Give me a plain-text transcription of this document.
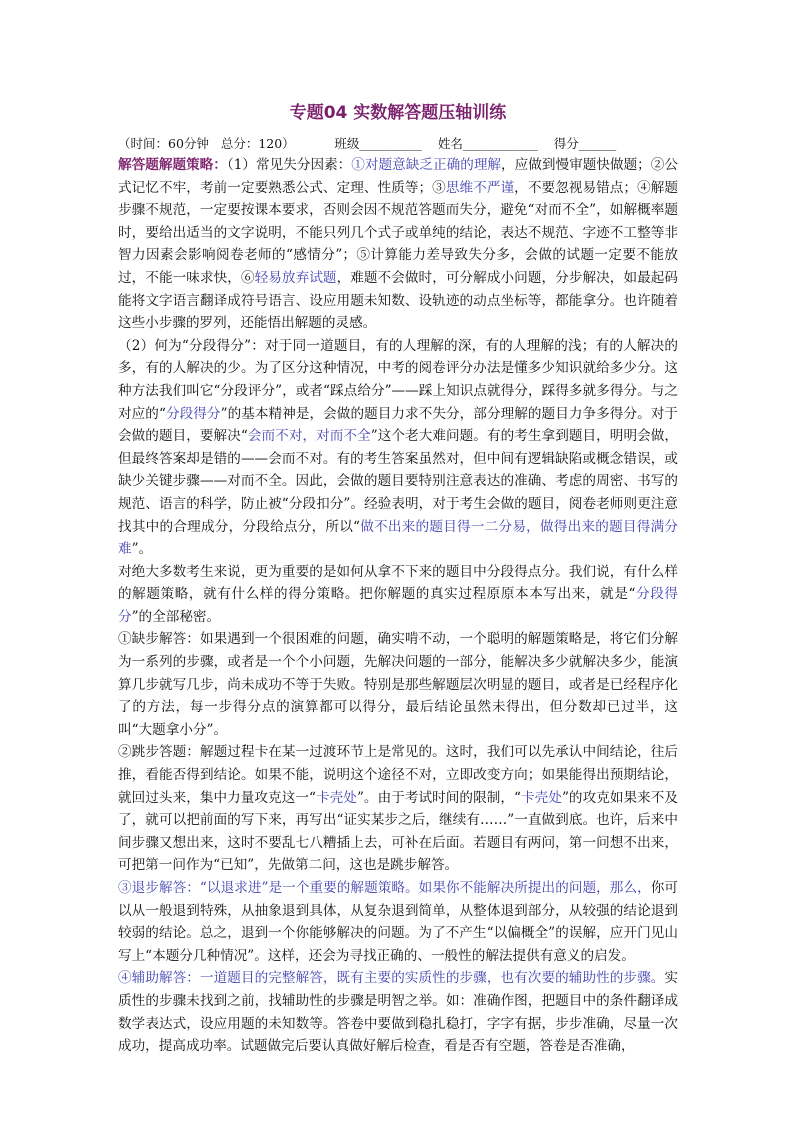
专题04 实数解答题压轴训练
（时间：60分钟   总分：120）          班级__________    姓名____________    得分______

解答题解题策略：（1）常见失分因素：①对题意缺乏正确的理解，应做到慢审题快做题；②公式记忆不牢，考前一定要熟悉公式、定理、性质等；③思维不严谨，不要忽视易错点；④解题步骤不规范，一定要按课本要求，否则会因不规范答题而失分，避免“对而不全”，如解概率题时，要给出适当的文字说明，不能只列几个式子或单纯的结论，表达不规范、字迹不工整等非智力因素会影响阅卷老师的“感情分”；⑤计算能力差导致失分多，会做的试题一定要不能放过，不能一味求快，⑥轻易放弃试题，难题不会做时，可分解成小问题，分步解决，如最起码能将文字语言翻译成符号语言、设应用题未知数、设轨迹的动点坐标等，都能拿分。也许随着这些小步骤的罗列，还能悟出解题的灵感。

（2）何为“分段得分”：对于同一道题目，有的人理解的深，有的人理解的浅；有的人解决的多，有的人解决的少。为了区分这种情况，中考的阅卷评分办法是懂多少知识就给多少分。这种方法我们叫它“分段评分”，或者“踩点给分”——踩上知识点就得分，踩得多就多得分。与之对应的“分段得分”的基本精神是，会做的题目力求不失分，部分理解的题目力争多得分。对于会做的题目，要解决“会而不对，对而不全”这个老大难问题。有的考生拿到题目，明明会做，但最终答案却是错的——会而不对。有的考生答案虽然对，但中间有逻辑缺陷或概念错误，或缺少关键步骤——对而不全。因此，会做的题目要特别注意表达的准确、考虑的周密、书写的规范、语言的科学，防止被“分段扣分”。经验表明，对于考生会做的题目，阅卷老师则更注意找其中的合理成分，分段给点分，所以“做不出来的题目得一二分易，做得出来的题目得满分难”。

对绝大多数考生来说，更为重要的是如何从拿不下来的题目中分段得点分。我们说，有什么样的解题策略，就有什么样的得分策略。把你解题的真实过程原原本本写出来，就是“分段得分”的全部秘密。

①缺步解答：如果遇到一个很困难的问题，确实啃不动，一个聪明的解题策略是，将它们分解为一系列的步骤，或者是一个个小问题，先解决问题的一部分，能解决多少就解决多少，能演算几步就写几步，尚未成功不等于失败。特别是那些解题层次明显的题目，或者是已经程序化了的方法，每一步得分点的演算都可以得分，最后结论虽然未得出，但分数却已过半，这叫“大题拿小分”。

②跳步答题：解题过程卡在某一过渡环节上是常见的。这时，我们可以先承认中间结论，往后推，看能否得到结论。如果不能，说明这个途径不对，立即改变方向；如果能得出预期结论，就回过头来，集中力量攻克这一“卡壳处”。由于考试时间的限制，“卡壳处”的攻克如果来不及了，就可以把前面的写下来，再写出“证实某步之后，继续有……”一直做到底。也许，后来中间步骤又想出来，这时不要乱七八糟插上去，可补在后面。若题目有两问，第一问想不出来，可把第一问作为“已知”，先做第二问，这也是跳步解答。

③退步解答：“以退求进”是一个重要的解题策略。如果你不能解决所提出的问题，那么，你可以从一般退到特殊，从抽象退到具体，从复杂退到简单，从整体退到部分，从较强的结论退到较弱的结论。总之，退到一个你能够解决的问题。为了不产生“以偏概全”的误解，应开门见山写上“本题分几种情况”。这样，还会为寻找正确的、一般性的解法提供有意义的启发。

④辅助解答：一道题目的完整解答，既有主要的实质性的步骤，也有次要的辅助性的步骤。实质性的步骤未找到之前，找辅助性的步骤是明智之举。如：准确作图，把题目中的条件翻译成数学表达式，设应用题的未知数等。答卷中要做到稳扎稳打，字字有据，步步准确，尽量一次成功，提高成功率。试题做完后要认真做好解后检查，看是否有空题，答卷是否准确，
